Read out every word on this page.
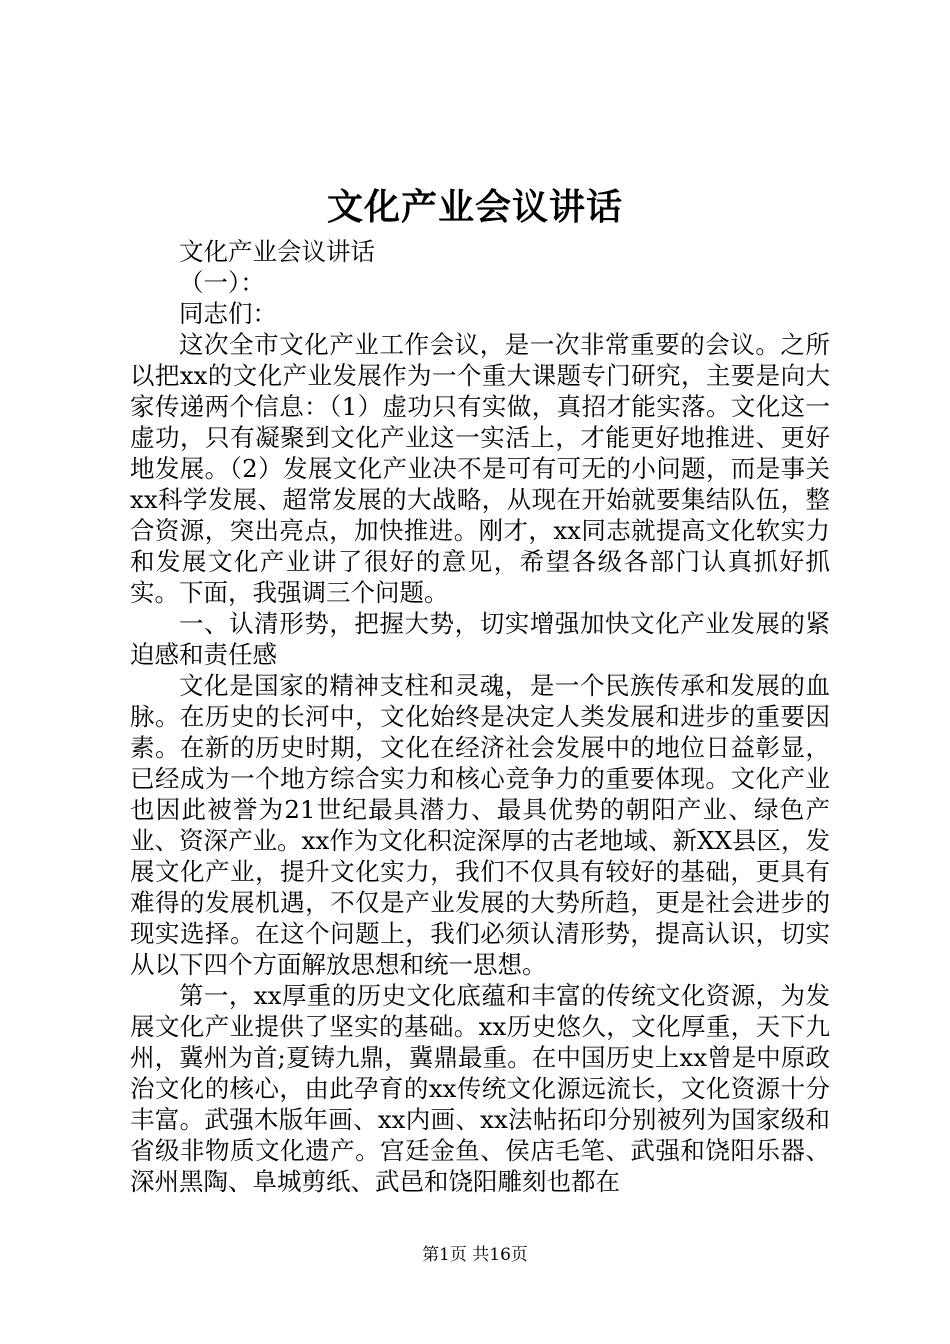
文化产业会议讲话

文化产业会议讲话

（一）：

同志们：

这次全市文化产业工作会议，是一次非常重要的会议。之所以把xx的文化产业发展作为一个重大课题专门研究，主要是向大家传递两个信息：（1）虚功只有实做，真招才能实落。文化这一虚功，只有凝聚到文化产业这一实活上，才能更好地推进、更好地发展。（2）发展文化产业决不是可有可无的小问题，而是事关xx科学发展、超常发展的大战略，从现在开始就要集结队伍，整合资源，突出亮点，加快推进。刚才，xx同志就提高文化软实力和发展文化产业讲了很好的意见，希望各级各部门认真抓好抓实。下面，我强调三个问题。

一、认清形势，把握大势，切实增强加快文化产业发展的紧迫感和责任感

文化是国家的精神支柱和灵魂，是一个民族传承和发展的血脉。在历史的长河中，文化始终是决定人类发展和进步的重要因素。在新的历史时期，文化在经济社会发展中的地位日益彰显，已经成为一个地方综合实力和核心竞争力的重要体现。文化产业也因此被誉为21世纪最具潜力、最具优势的朝阳产业、绿色产业、资深产业。xx作为文化积淀深厚的古老地域、新XX县区，发展文化产业，提升文化实力，我们不仅具有较好的基础，更具有难得的发展机遇，不仅是产业发展的大势所趋，更是社会进步的现实选择。在这个问题上，我们必须认清形势，提高认识，切实从以下四个方面解放思想和统一思想。

第一，xx厚重的历史文化底蕴和丰富的传统文化资源，为发展文化产业提供了坚实的基础。xx历史悠久，文化厚重，天下九州，冀州为首;夏铸九鼎，冀鼎最重。在中国历史上xx曾是中原政治文化的核心，由此孕育的xx传统文化源远流长，文化资源十分丰富。武强木版年画、xx内画、xx法帖拓印分别被列为国家级和省级非物质文化遗产。宫廷金鱼、侯店毛笔、武强和饶阳乐器、深州黑陶、阜城剪纸、武邑和饶阳雕刻也都在

第1页 共16页
